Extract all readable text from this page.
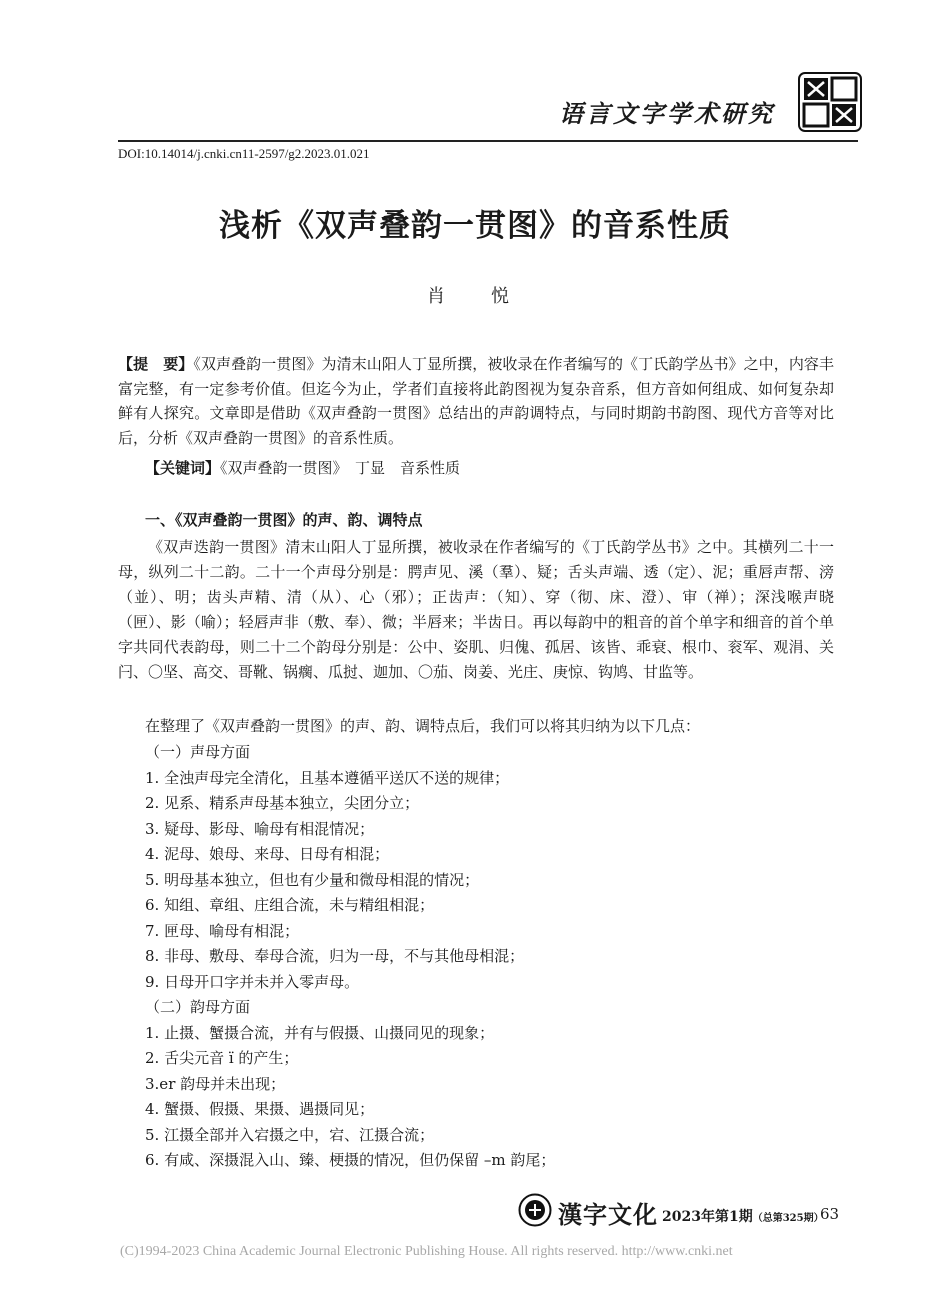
语言文字学术研究
DOI:10.14014/j.cnki.cn11-2597/g2.2023.01.021
浅析《双声叠韵一贯图》的音系性质
肖　悦

【提　要】《双声叠韵一贯图》为清末山阳人丁显所撰，被收录在作者编写的《丁氏韵学丛书》之中，内容丰富完整，有一定参考价值。但迄今为止，学者们直接将此韵图视为复杂音系，但方音如何组成、如何复杂却鲜有人探究。文章即是借助《双声叠韵一贯图》总结出的声韵调特点，与同时期韵书韵图、现代方音等对比后，分析《双声叠韵一贯图》的音系性质。

【关键词】《双声叠韵一贯图》　丁显　音系性质

一、《双声叠韵一贯图》的声、韵、调特点

《双声迭韵一贯图》清末山阳人丁显所撰，被收录在作者编写的《丁氏韵学丛书》之中。其横列二十一母，纵列二十二韵。二十一个声母分别是：腭声见、溪（羣）、疑；舌头声端、透（定）、泥；重唇声帮、滂（並）、明；齿头声精、清（从）、心（邪）；正齿声：（知）、穿（彻、床、澄）、审（禅）；深浅喉声晓（匣）、影（喻）；轻唇声非（敷、奉）、微；半唇来；半齿日。再以每韵中的粗音的首个单字和细音的首个单字共同代表韵母，则二十二个韵母分别是：公中、姿肌、归傀、孤居、该皆、乖衰、根巾、衮军、观涓、关闩、〇坚、高交、哥靴、锅瘸、瓜挝、迦加、〇茄、岗姜、光庄、庚惊、钩鸠、甘监等。

在整理了《双声叠韵一贯图》的声、韵、调特点后，我们可以将其归纳为以下几点：
（一）声母方面
1. 全浊声母完全清化，且基本遵循平送仄不送的规律；
2. 见系、精系声母基本独立，尖团分立；
3. 疑母、影母、喻母有相混情况；
4. 泥母、娘母、来母、日母有相混；
5. 明母基本独立，但也有少量和微母相混的情况；
6. 知组、章组、庄组合流，未与精组相混；
7. 匣母、喻母有相混；
8. 非母、敷母、奉母合流，归为一母，不与其他母相混；
9. 日母开口字并未并入零声母。
（二）韵母方面
1. 止摄、蟹摄合流，并有与假摄、山摄同见的现象；
2. 舌尖元音 ï 的产生；
3.er 韵母并未出现；
4. 蟹摄、假摄、果摄、遇摄同见；
5. 江摄全部并入宕摄之中，宕、江摄合流；
6. 有咸、深摄混入山、臻、梗摄的情况，但仍保留 –m 韵尾；
漢字文化 2023年第1期（总第325期）
63
(C)1994-2023 China Academic Journal Electronic Publishing House. All rights reserved. http://www.cnki.net
